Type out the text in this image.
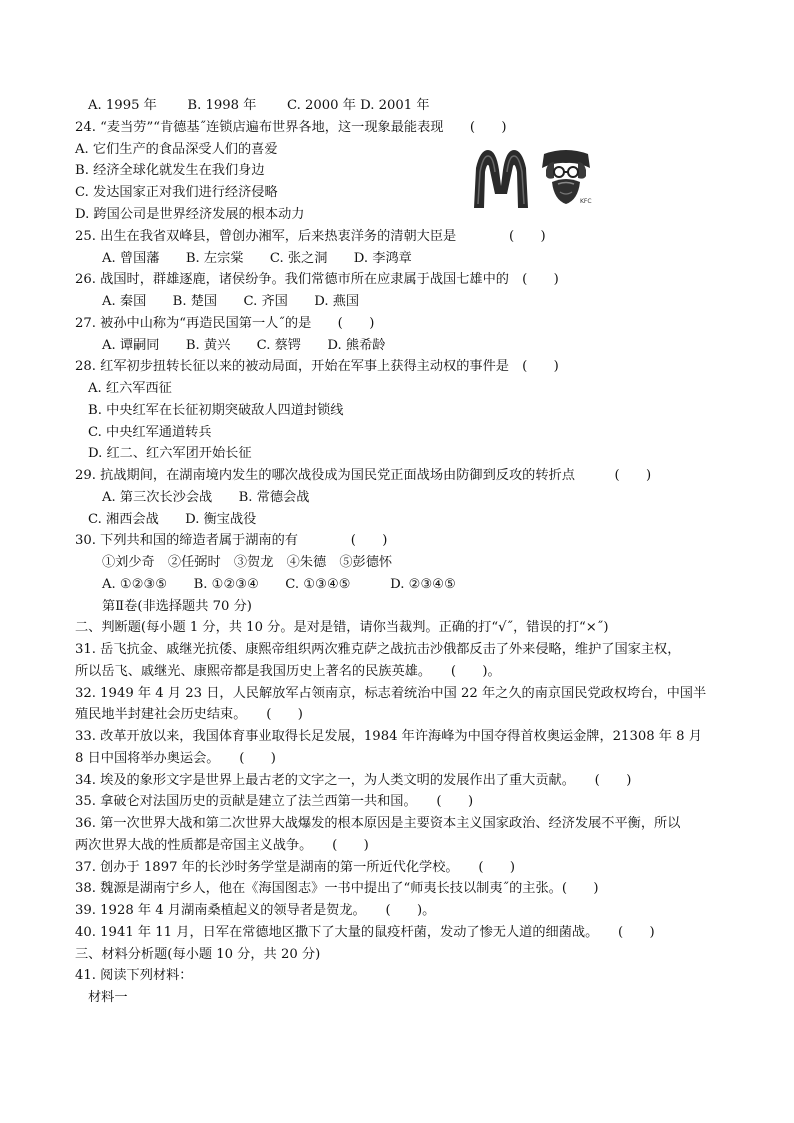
A. 1995 年　　 B. 1998 年　　 C. 2000 年 D. 2001 年
24. “麦当劳”“肯德基˝连锁店遍布世界各地，这一现象最能表现　　(　　)
A. 它们生产的食品深受人们的喜爱
B. 经济全球化就发生在我们身边
C. 发达国家正对我们进行经济侵略
D. 跨国公司是世界经济发展的根本动力
25. 出生在我省双峰县，曾创办湘军，后来热衷洋务的清朝大臣是　　　　(　　)
A. 曾国藩　　B. 左宗棠　　C. 张之洞　　D. 李鸿章
26. 战国时，群雄逐鹿，诸侯纷争。我们常德市所在应隶属于战国七雄中的　(　　)
A. 秦国　　B. 楚国　　C. 齐国　　D. 燕国
27. 被孙中山称为“再造民国第一人˝的是　　(　　)
A. 谭嗣同　　B. 黄兴　　C. 蔡锷　　D. 熊希龄
28. 红军初步扭转长征以来的被动局面，开始在军事上获得主动权的事件是　(　　)
A. 红六军西征
B. 中央红军在长征初期突破敌人四道封锁线
C. 中央红军通道转兵
D. 红二、红六军团开始长征
29. 抗战期间，在湖南境内发生的哪次战役成为国民党正面战场由防御到反攻的转折点　　　(　　)
A. 第三次长沙会战　　B. 常德会战
C. 湘西会战　　D. 衡宝战役
30. 下列共和国的缔造者属于湖南的有　　　　(　　)
①刘少奇　②任弼时　③贺龙　④朱德　⑤彭德怀
A. ①②③⑤　　B. ①②③④　　C. ①③④⑤　　　D. ②③④⑤
第Ⅱ卷(非选择题共 70 分)
二、判断题(每小题 1 分，共 10 分。是对是错，请你当裁判。正确的打“√˝，错误的打“×˝)
31. 岳飞抗金、戚继光抗倭、康熙帝组织两次雅克萨之战抗击沙俄都反击了外来侵略，维护了国家主权，
所以岳飞、戚继光、康熙帝都是我国历史上著名的民族英雄。　　(　　)。
32. 1949 年 4 月 23 日，人民解放军占领南京，标志着统治中国 22 年之久的南京国民党政权垮台，中国半
殖民地半封建社会历史结束。　　(　　)
33. 改革开放以来，我国体育事业取得长足发展，1984 年许海峰为中国夺得首枚奥运金牌，21308 年 8 月
8 日中国将举办奥运会。　　(　　)
34. 埃及的象形文字是世界上最古老的文字之一，为人类文明的发展作出了重大贡献。　　(　　)
35. 拿破仑对法国历史的贡献是建立了法兰西第一共和国。　　(　　)
36. 第一次世界大战和第二次世界大战爆发的根本原因是主要资本主义国家政治、经济发展不平衡，所以
两次世界大战的性质都是帝国主义战争。　　(　　)
37. 创办于 1897 年的长沙时务学堂是湖南的第一所近代化学校。　　(　　)
38. 魏源是湖南宁乡人，他在《海国图志》一书中提出了“师夷长技以制夷˝的主张。(　　)
39. 1928 年 4 月湖南桑植起义的领导者是贺龙。　　(　　)。
40. 1941 年 11 月，日军在常德地区撒下了大量的鼠疫杆菌，发动了惨无人道的细菌战。　　(　　)
三、材料分析题(每小题 10 分，共 20 分)
41. 阅读下列材料：
材料一
KFC
